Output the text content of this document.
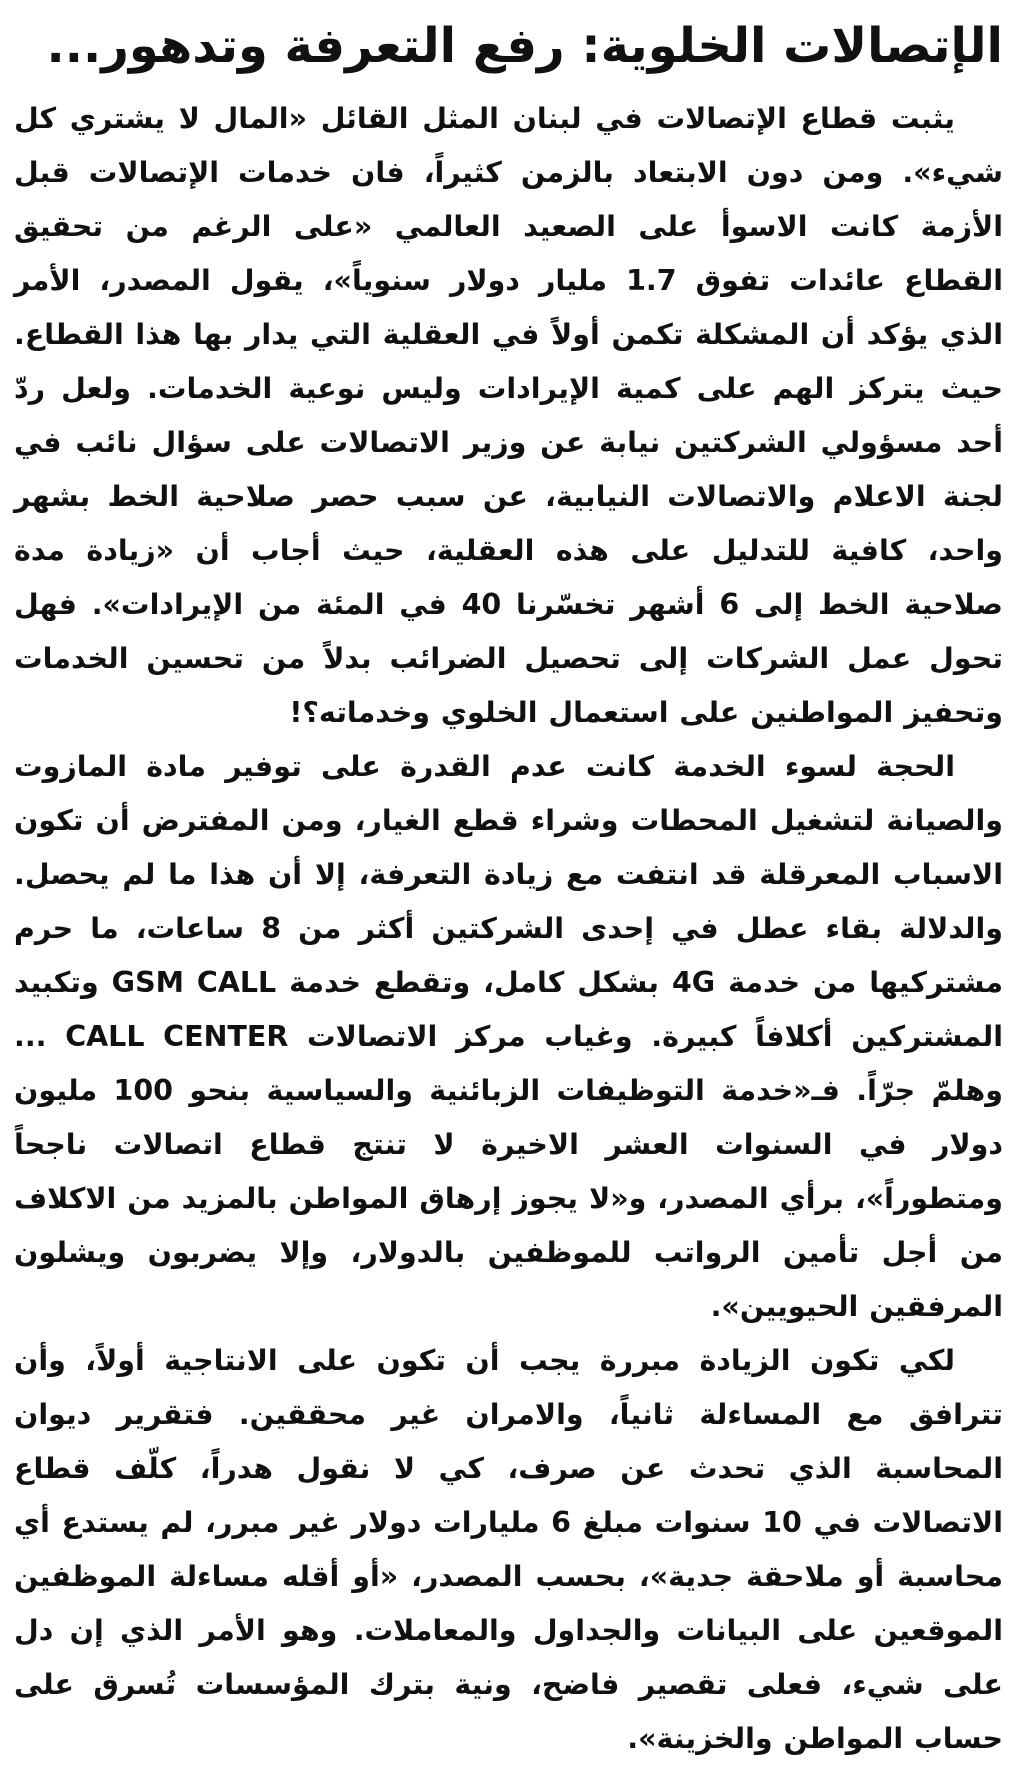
الإتصالات الخلوية: رفع التعرفة وتدهور...

يثبت قطاع الإتصالات في لبنان المثل القائل «المال لا يشتري كل شيء». ومن دون الابتعاد بالزمن كثيراً، فان خدمات الإتصالات قبل الأزمة كانت الاسوأ على الصعيد العالمي «على الرغم من تحقيق القطاع عائدات تفوق 1.7 مليار دولار سنوياً»، يقول المصدر، الأمر الذي يؤكد أن المشكلة تكمن أولاً في العقلية التي يدار بها هذا القطاع. حيث يتركز الهم على كمية الإيرادات وليس نوعية الخدمات. ولعل ردّ أحد مسؤولي الشركتين نيابة عن وزير الاتصالات على سؤال نائب في لجنة الاعلام والاتصالات النيابية، عن سبب حصر صلاحية الخط بشهر واحد، كافية للتدليل على هذه العقلية، حيث أجاب أن «زيادة مدة صلاحية الخط إلى 6 أشهر تخسّرنا 40 في المئة من الإيرادات». فهل تحول عمل الشركات إلى تحصيل الضرائب بدلاً من تحسين الخدمات وتحفيز المواطنين على استعمال الخلوي وخدماته؟!

الحجة لسوء الخدمة كانت عدم القدرة على توفير مادة المازوت والصيانة لتشغيل المحطات وشراء قطع الغيار، ومن المفترض أن تكون الاسباب المعرقلة قد انتفت مع زيادة التعرفة، إلا أن هذا ما لم يحصل. والدلالة بقاء عطل في إحدى الشركتين أكثر من 8 ساعات، ما حرم مشتركيها من خدمة 4G بشكل كامل، وتقطع خدمة GSM CALL وتكبيد المشتركين أكلافاً كبيرة. وغياب مركز الاتصالات CALL CENTER ... وهلمّ جرّاً. فـ«خدمة التوظيفات الزبائنية والسياسية بنحو 100 مليون دولار في السنوات العشر الاخيرة لا تنتج قطاع اتصالات ناجحاً ومتطوراً»، برأي المصدر، و«لا يجوز إرهاق المواطن بالمزيد من الاكلاف من أجل تأمين الرواتب للموظفين بالدولار، وإلا يضربون ويشلون المرفقين الحيويين».

لكي تكون الزيادة مبررة يجب أن تكون على الانتاجية أولاً، وأن تترافق مع المساءلة ثانياً، والامران غير محققين. فتقرير ديوان المحاسبة الذي تحدث عن صرف، كي لا نقول هدراً، كلّف قطاع الاتصالات في 10 سنوات مبلغ 6 مليارات دولار غير مبرر، لم يستدع أي محاسبة أو ملاحقة جدية»، بحسب المصدر، «أو أقله مساءلة الموظفين الموقعين على البيانات والجداول والمعاملات. وهو الأمر الذي إن دل على شيء، فعلى تقصير فاضح، ونية بترك المؤسسات تُسرق على حساب المواطن والخزينة».
